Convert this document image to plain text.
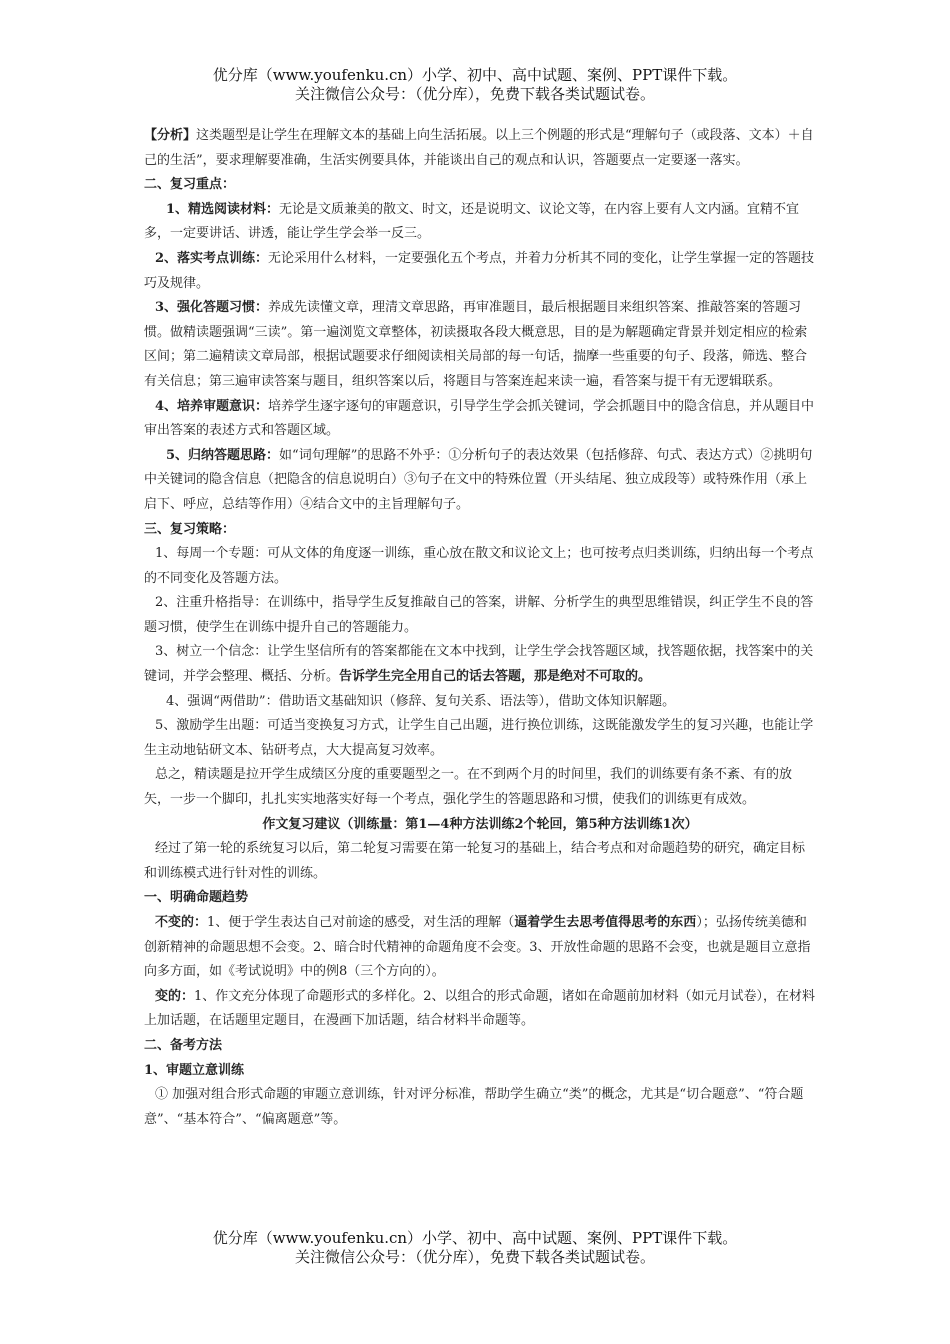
优分库（www.youfenku.cn）小学、初中、高中试题、案例、PPT课件下载。
关注微信公众号：（优分库），免费下载各类试题试卷。

【分析】这类题型是让学生在理解文本的基础上向生活拓展。以上三个例题的形式是“理解句子（或段落、文本）＋自己的生活”，要求理解要准确，生活实例要具体，并能谈出自己的观点和认识，答题要点一定要逐一落实。

二、复习重点：

1、精选阅读材料：无论是文质兼美的散文、时文，还是说明文、议论文等，在内容上要有人文内涵。宜精不宜多，一定要讲话、讲透，能让学生学会举一反三。

2、落实考点训练：无论采用什么材料，一定要强化五个考点，并着力分析其不同的变化，让学生掌握一定的答题技巧及规律。

3、强化答题习惯：养成先读懂文章，理清文章思路，再审准题目，最后根据题目来组织答案、推敲答案的答题习惯。做精读题强调“三读”。第一遍浏览文章整体，初读摄取各段大概意思，目的是为解题确定背景并划定相应的检索区间；第二遍精读文章局部，根据试题要求仔细阅读相关局部的每一句话，揣摩一些重要的句子、段落，筛选、整合有关信息；第三遍审读答案与题目，组织答案以后，将题目与答案连起来读一遍，看答案与提干有无逻辑联系。

4、培养审题意识：培养学生逐字逐句的审题意识，引导学生学会抓关键词，学会抓题目中的隐含信息，并从题目中审出答案的表述方式和答题区域。

5、归纳答题思路：如“词句理解”的思路不外乎：①分析句子的表达效果（包括修辞、句式、表达方式）②挑明句中关键词的隐含信息（把隐含的信息说明白）③句子在文中的特殊位置（开头结尾、独立成段等）或特殊作用（承上启下、呼应，总结等作用）④结合文中的主旨理解句子。

三、复习策略：

1、每周一个专题：可从文体的角度逐一训练，重心放在散文和议论文上；也可按考点归类训练，归纳出每一个考点的不同变化及答题方法。

2、注重升格指导：在训练中，指导学生反复推敲自己的答案，讲解、分析学生的典型思维错误，纠正学生不良的答题习惯，使学生在训练中提升自己的答题能力。

3、树立一个信念：让学生坚信所有的答案都能在文本中找到，让学生学会找答题区域，找答题依据，找答案中的关键词，并学会整理、概括、分析。告诉学生完全用自己的话去答题，那是绝对不可取的。

4、强调“两借助”：借助语文基础知识（修辞、复句关系、语法等），借助文体知识解题。

5、激励学生出题：可适当变换复习方式，让学生自己出题，进行换位训练，这既能激发学生的复习兴趣，也能让学生主动地钻研文本、钻研考点，大大提高复习效率。

总之，精读题是拉开学生成绩区分度的重要题型之一。在不到两个月的时间里，我们的训练要有条不紊、有的放矢，一步一个脚印，扎扎实实地落实好每一个考点，强化学生的答题思路和习惯，使我们的训练更有成效。

作文复习建议（训练量：第1—4种方法训练2个轮回，第5种方法训练1次）

经过了第一轮的系统复习以后，第二轮复习需要在第一轮复习的基础上，结合考点和对命题趋势的研究，确定目标和训练模式进行针对性的训练。

一、明确命题趋势

不变的：1、便于学生表达自己对前途的感受，对生活的理解（逼着学生去思考值得思考的东西）；弘扬传统美德和创新精神的命题思想不会变。2、暗合时代精神的命题角度不会变。3、开放性命题的思路不会变，也就是题目立意指向多方面，如《考试说明》中的例8（三个方向的）。

变的：1、作文充分体现了命题形式的多样化。2、以组合的形式命题，诸如在命题前加材料（如元月试卷），在材料上加话题，在话题里定题目，在漫画下加话题，结合材料半命题等。

二、备考方法

1、审题立意训练

① 加强对组合形式命题的审题立意训练，针对评分标准，帮助学生确立“类”的概念，尤其是“切合题意”、“符合题意”、“基本符合”、“偏离题意”等。

优分库（www.youfenku.cn）小学、初中、高中试题、案例、PPT课件下载。
关注微信公众号：（优分库），免费下载各类试题试卷。
